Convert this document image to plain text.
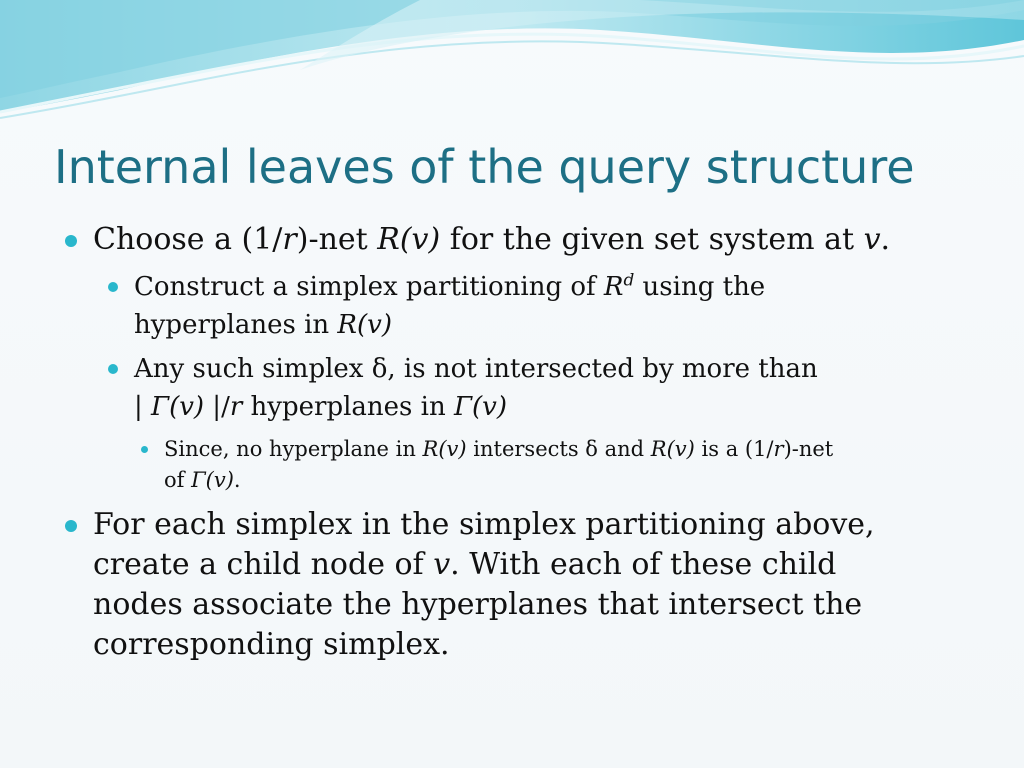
Internal leaves of the query structure

Choose a (1/r)-net R(v) for the given set system at v.

Construct a simplex partitioning of $R^d$ using the
hyperplanes in R(v)
Any such simplex δ, is not intersected by more than
| Γ(v) |/r hyperplanes in Γ(v)
Since, no hyperplane in R(v) intersects δ and R(v) is a (1/r)-net
of Γ(v).
For each simplex in the simplex partitioning above,
create a child node of v. With each of these child
nodes associate the hyperplanes that intersect the
corresponding simplex.
